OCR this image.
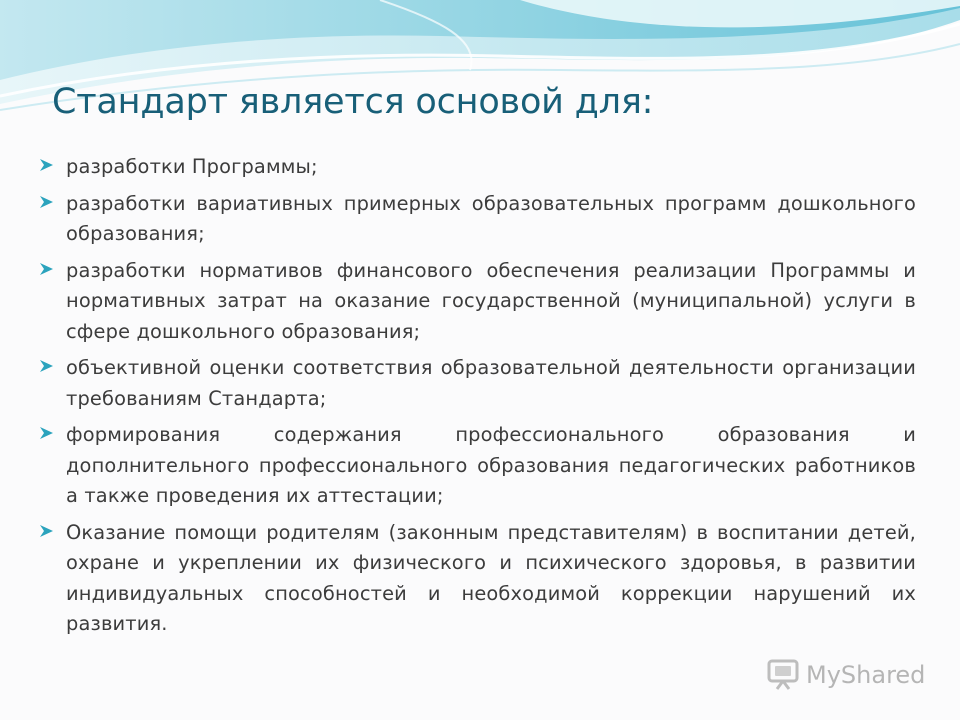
Стандарт является основой для:
разработки Программы;
разработки вариативных примерных образовательных программ дошкольного образования;
разработки нормативов финансового обеспечения реализации Программы и нормативных затрат на оказание государственной (муниципальной) услуги в сфере дошкольного образования;
объективной оценки соответствия образовательной деятельности организации требованиям Стандарта;
формирования содержания профессионального образования и дополнительного профессионального образования педагогических работников а также проведения их аттестации;
Оказание помощи родителям (законным представителям) в воспитании детей, охране и укреплении их физического и психического здоровья, в развитии индивидуальных способностей и необходимой коррекции нарушений их развития.
MyShared
